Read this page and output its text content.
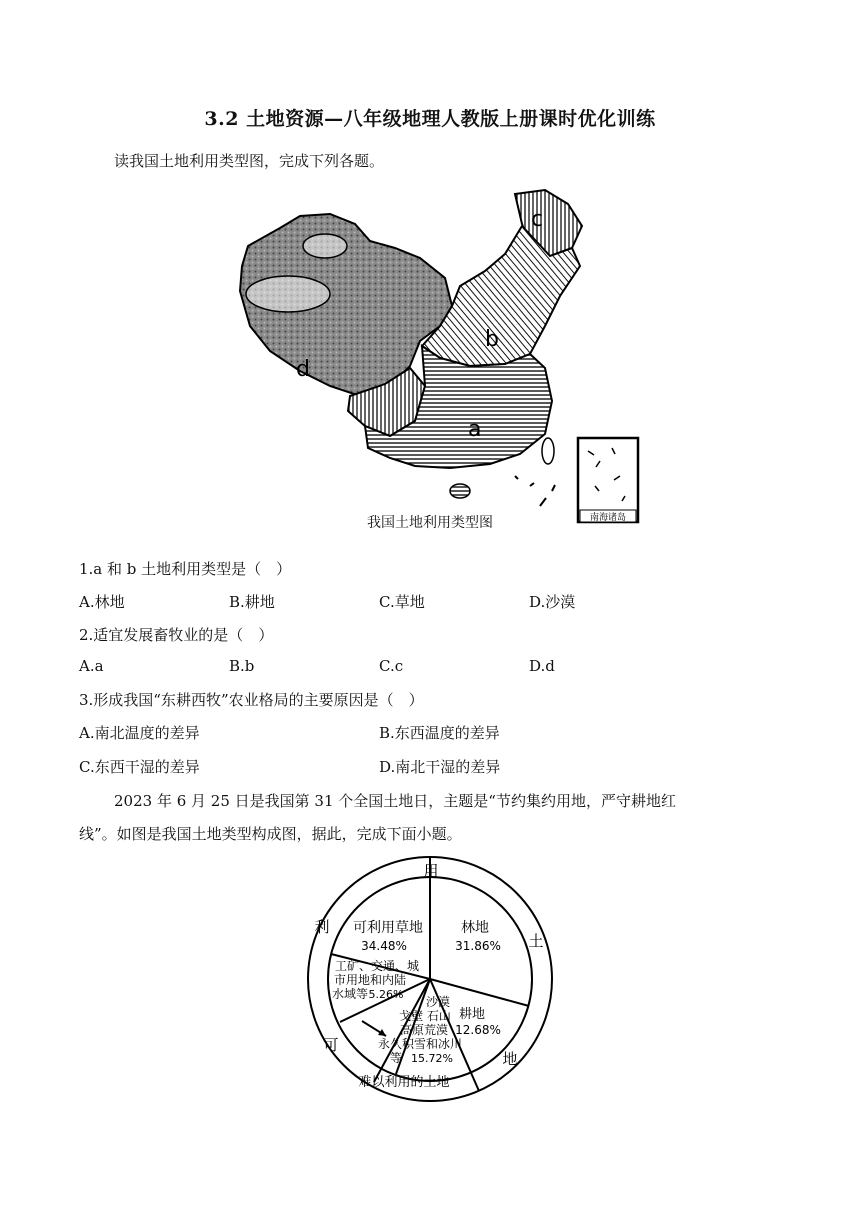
3.2 土地资源—八年级地理人教版上册课时优化训练
读我国土地利用类型图，完成下列各题。
c
b
d
a
南海诸岛
我国土地利用类型图
1.a 和 b 土地利用类型是（　）
A.林地	B.耕地	C.草地	D.沙漠
2.适宜发展畜牧业的是（　）
A.a	B.b	C.c	D.d
3.形成我国“东耕西牧”农业格局的主要原因是（　）
A.南北温度的差异	B.东西温度的差异
C.东西干湿的差异	D.南北干湿的差异
2023 年 6 月 25 日是我国第 31 个全国土地日，主题是“节约集约用地，严守耕地红
线”。如图是我国土地类型构成图，据此，完成下面小题。
用
土
地
利
可
难以利用的土地
林地
31.86%
可利用草地
34.48%
工矿、交通、城
市用地和内陆
水域等 5.26%
耕地
12.68%
沙漠
戈壁 石山
高原荒漠
永久积雪和冰川
等 15.72%
